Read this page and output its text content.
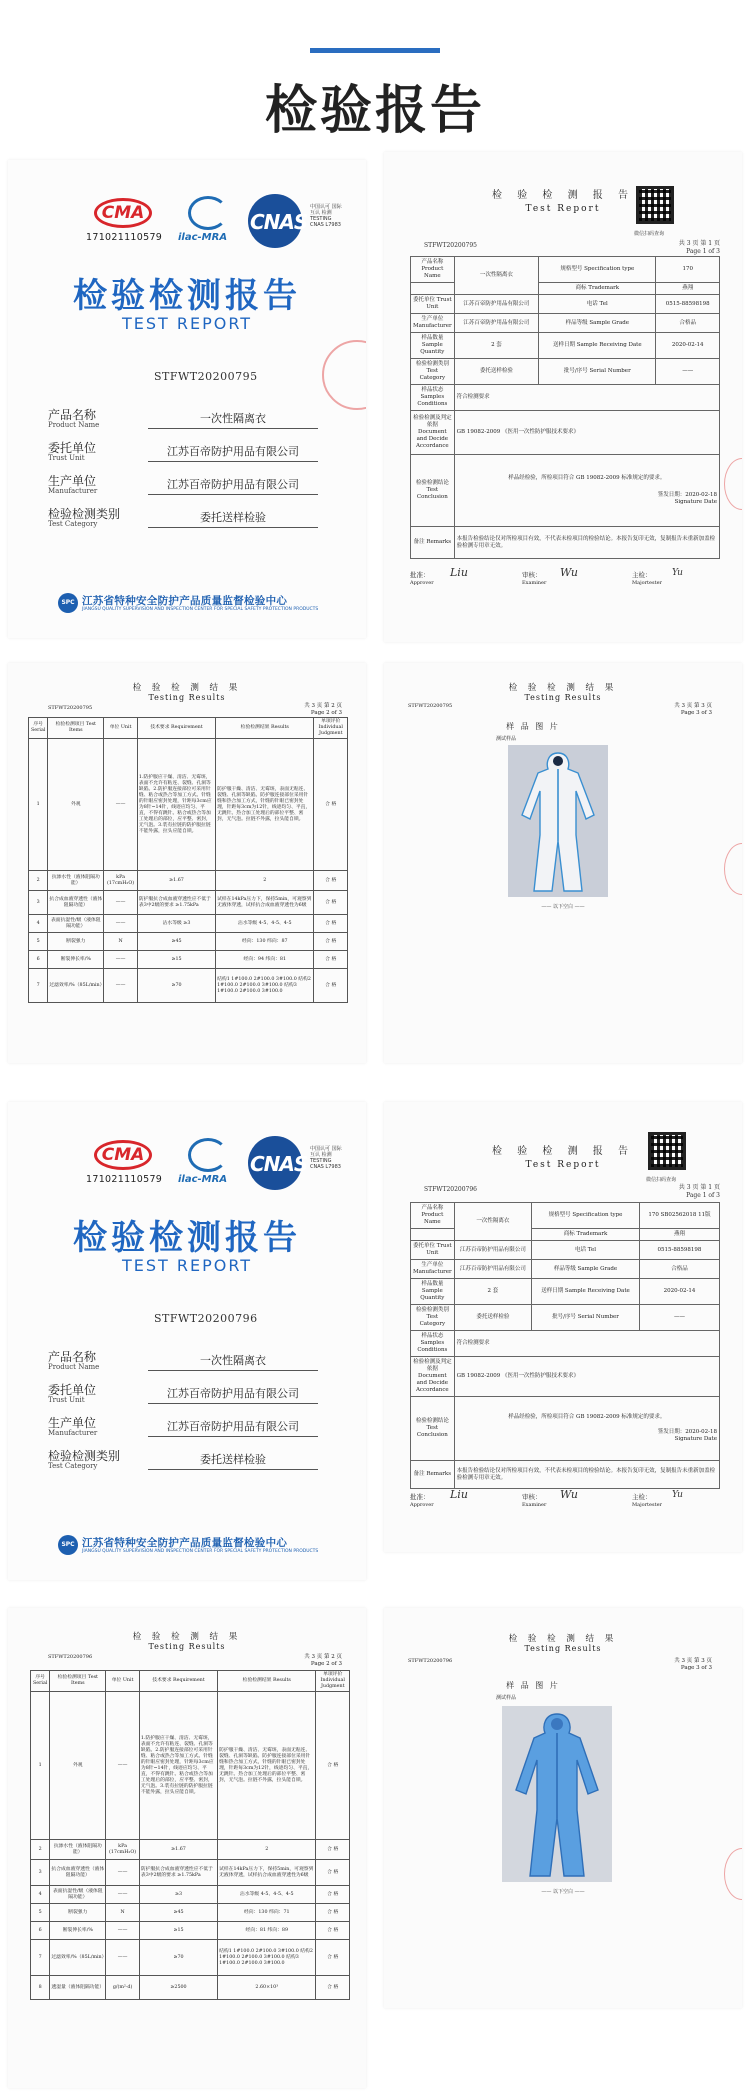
检验报告
CMA
171021110579 ilac-MRA
CNAS
中国认可 国际互认 检测 TESTING CNAS L7983
检验检测报告
TEST REPORT
STFWT20200795
产品名称
Product Name	一次性隔离衣
委托单位
Trust Unit	江苏百帝防护用品有限公司
生产单位
Manufacturer	江苏百帝防护用品有限公司
检验检测类别
Test Category	委托送样检验
SPC 江苏省特种安全防护产品质量监督检验中心
JIANGSU QUALITY SUPERVISION AND INSPECTION CENTER FOR SPECIAL SAFETY PROTECTION PRODUCTS
检 验 检 测 报 告
Test Report
微信扫码查询
STFWT20200795	共 3 页 第 1 页
Page 1 of 3
产品名称 Product Name	一次性隔离衣	规格型号 Specification type	170
		商标 Trademark	燕翔
委托单位 Trust Unit	江苏百帝防护用品有限公司	电话 Tel	0515-88598198
生产单位 Manufacturer	江苏百帝防护用品有限公司	样品等级 Sample Grade	合格品
样品数量 Sample Quantity	2 套	送样日期 Sample Receiving Date	2020-02-14
检验检测类别 Test Category	委托送样检验	批号/序号 Serial Number	——
样品状态 Samples Conditions	符合检测要求		
检验检测及判定依据 Document and Decide Accordance	GB 19082-2009 《医用一次性防护服技术要求》		
检验检测结论 Test Conclusion	样品经检验，所检项目符合 GB 19082-2009 标准规定的要求。
签发日期：2020-02-18
Signature Date		

备注 Remarks	本报告检验结论仅对所检项目有效，不代表未检项目的检验结论。本报告复印无效，复制报告未重新加盖检验检测专用章无效。		
批准：
Approver
Liu	审核：
Examiner
Wu	主检：
Majortester
Yu
检 验 检 测 结 果
Testing Results
STFWT20200795	共 3 页 第 2 页
Page 2 of 3
序号 Serial	检验检测项目 Test Items	单位 Unit	技术要求 Requirement	检验检测结果 Results	单项评价 Individual Judgment
1	外观	——	1.防护服应干燥、清洁、无霉斑，表面不允许有粘连、裂缝、孔洞等缺陷。2.防护服连接部位可采用针缝、粘合或热合等加工方式。针缝的针眼应密封处理，针距每3cm应为8针~14针，线迹应均匀、平直，不得有跳针。粘合或热合等加工处理后的部位，应平整、密封，无气泡。3.装有拉链的防护服拉链不能外露，拉头应能自锁。	防护服干燥、清洁、无霉斑，表面无粘连、裂缝、孔洞等缺陷。防护服连接部位采用针缝和热合加工方式，针缝的针眼已密封处理，针距每3cm为12针，线迹均匀、平直，无跳针。热合加工处理后的部位平整、密封，无气泡。拉链不外露，拉头能自锁。	合 格
2	抗渗水性（液体阻隔功能）	kPa (17cmH₂O)	≥1.67	2	合 格
3	抗合成血液穿透性（液体阻隔功能）	——	防护服抗合成血液穿透性应不低于表3中2级的要求 ≥1.75kPa	试样在14kPa压力下，保持5min，可观察到无液体穿透，试样抗合成血液穿透性为6级	合 格
4	表面抗湿性/级（液体阻隔功能）	——	沾水等级 ≥3	沾水等级 4-5、4-5、4-5	合 格
5	断裂强力	N	≥45	经向：130 纬向：87	合 格
6	断裂伸长率/%	——	≥15	经向：94 纬向：81	合 格
7	过滤效率/%（85L/min）	——	≥70	结构1 1#100.0 2#100.0 3#100.0 结构2 1#100.0 2#100.0 3#100.0 结构3 1#100.0 2#100.0 3#100.0	合 格
检 验 检 测 结 果
Testing Results
STFWT20200795	共 3 页 第 3 页
Page 3 of 3
样 品 图 片
测试样品
—— 以下空白 ——
CMA
171021110579 ilac-MRA
CNAS
中国认可 国际互认 检测 TESTING CNAS L7983
检验检测报告
TEST REPORT
STFWT20200796
产品名称
Product Name	一次性隔离衣
委托单位
Trust Unit	江苏百帝防护用品有限公司
生产单位
Manufacturer	江苏百帝防护用品有限公司
检验检测类别
Test Category	委托送样检验
SPC 江苏省特种安全防护产品质量监督检验中心
JIANGSU QUALITY SUPERVISION AND INSPECTION CENTER FOR SPECIAL SAFETY PROTECTION PRODUCTS
检 验 检 测 报 告
Test Report
微信扫码查询
STFWT20200796	共 3 页 第 1 页
Page 1 of 3
产品名称 Product Name	一次性隔离衣	规格型号 Specification type	170 SB02562018 11版
		商标 Trademark	燕翔
委托单位 Trust Unit	江苏百帝防护用品有限公司	电话 Tel	0515-88598198
生产单位 Manufacturer	江苏百帝防护用品有限公司	样品等级 Sample Grade	合格品
样品数量 Sample Quantity	2 套	送样日期 Sample Receiving Date	2020-02-14
检验检测类别 Test Category	委托送样检验	批号/序号 Serial Number	——
样品状态 Samples Conditions	符合检测要求		
检验检测及判定依据 Document and Decide Accordance	GB 19082-2009 《医用一次性防护服技术要求》		
检验检测结论 Test Conclusion	样品经检验，所检项目符合 GB 19082-2009 标准规定的要求。
签发日期：2020-02-18
Signature Date		

备注 Remarks	本报告检验结论仅对所检项目有效，不代表未检项目的检验结论。本报告复印无效，复制报告未重新加盖检验检测专用章无效。		
批准：
Approver
Liu	审核：
Examiner
Wu	主检：
Majortester
Yu
检 验 检 测 结 果
Testing Results
STFWT20200796	共 3 页 第 2 页
Page 2 of 3
序号 Serial	检验检测项目 Test Items	单位 Unit	技术要求 Requirement	检验检测结果 Results	单项评价 Individual Judgment
1	外观	——	1.防护服应干燥、清洁、无霉斑，表面不允许有粘连、裂缝、孔洞等缺陷。2.防护服连接部位可采用针缝、粘合或热合等加工方式。针缝的针眼应密封处理，针距每3cm应为8针~14针，线迹应均匀、平直，不得有跳针。粘合或热合等加工处理后的部位，应平整、密封，无气泡。3.装有拉链的防护服拉链不能外露，拉头应能自锁。	防护服干燥、清洁、无霉斑，表面无粘连、裂缝、孔洞等缺陷。防护服连接部位采用针缝和热合加工方式，针缝的针眼已密封处理，针距每3cm为12针，线迹均匀、平直，无跳针。热合加工处理后的部位平整、密封，无气泡。拉链不外露，拉头能自锁。	合 格
2	抗渗水性（液体阻隔功能）	kPa (17cmH₂O)	≥1.67	2	合 格
3	抗合成血液穿透性（液体阻隔功能）	——	防护服抗合成血液穿透性应不低于表3中2级的要求 ≥1.75kPa	试样在14kPa压力下，保持5min，可观察到无液体穿透，试样抗合成血液穿透性为6级	合 格
4	表面抗湿性/级（液体阻隔功能）	——	≥3	沾水等级 4-5、4-5、4-5	合 格
5	断裂强力	N	≥45	经向：130 纬向：71	合 格
6	断裂伸长率/%	——	≥15	经向：81 纬向：89	合 格
7	过滤效率/%（85L/min）	——	≥70	结构1 1#100.0 2#100.0 3#100.0 结构2 1#100.0 2#100.0 3#100.0 结构3 1#100.0 2#100.0 3#100.0	合 格
8	透湿量（液体阻隔功能）	g/(m²·d)	≥2500	2.60×10³	合 格
检 验 检 测 结 果
Testing Results
STFWT20200796	共 3 页 第 3 页
Page 3 of 3
样 品 图 片
测试样品
—— 以下空白 ——
